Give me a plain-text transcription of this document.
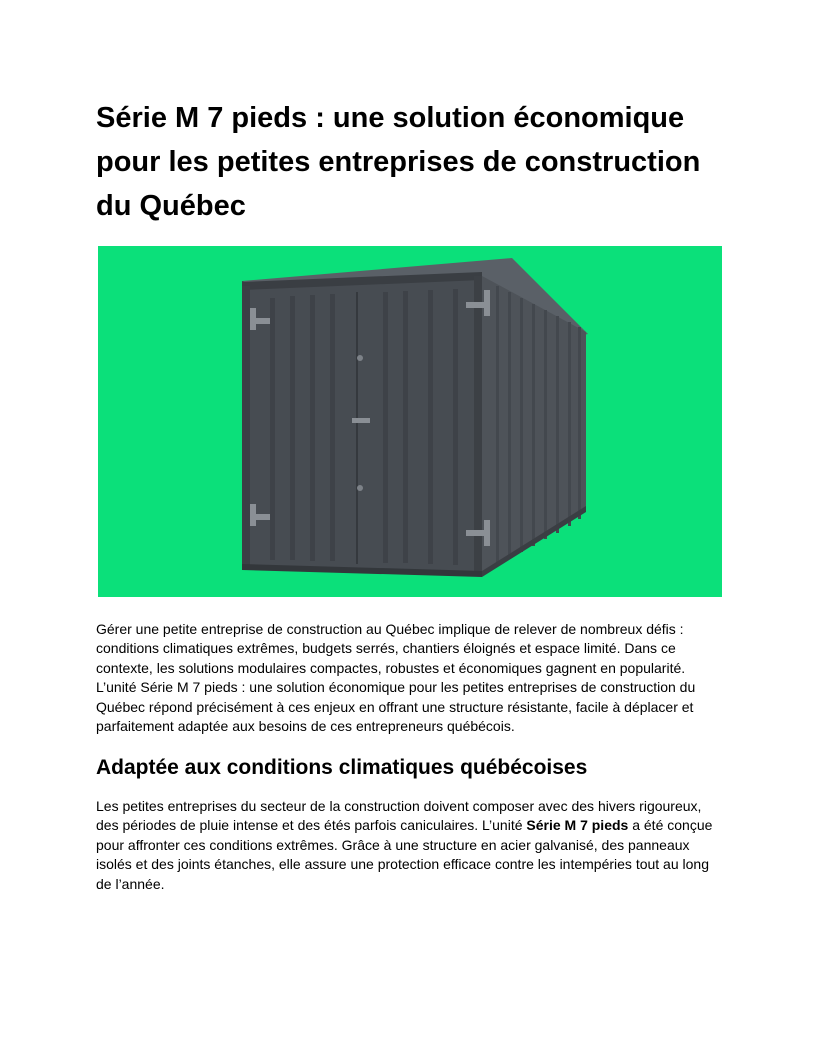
Série M 7 pieds : une solution économique pour les petites entreprises de construction du Québec

Gérer une petite entreprise de construction au Québec implique de relever de nombreux défis : conditions climatiques extrêmes, budgets serrés, chantiers éloignés et espace limité. Dans ce contexte, les solutions modulaires compactes, robustes et économiques gagnent en popularité. L’unité Série M 7 pieds : une solution économique pour les petites entreprises de construction du Québec répond précisément à ces enjeux en offrant une structure résistante, facile à déplacer et parfaitement adaptée aux besoins de ces entrepreneurs québécois.

Adaptée aux conditions climatiques québécoises

Les petites entreprises du secteur de la construction doivent composer avec des hivers rigoureux, des périodes de pluie intense et des étés parfois caniculaires. L’unité Série M 7 pieds a été conçue pour affronter ces conditions extrêmes. Grâce à une structure en acier galvanisé, des panneaux isolés et des joints étanches, elle assure une protection efficace contre les intempéries tout au long de l’année.
